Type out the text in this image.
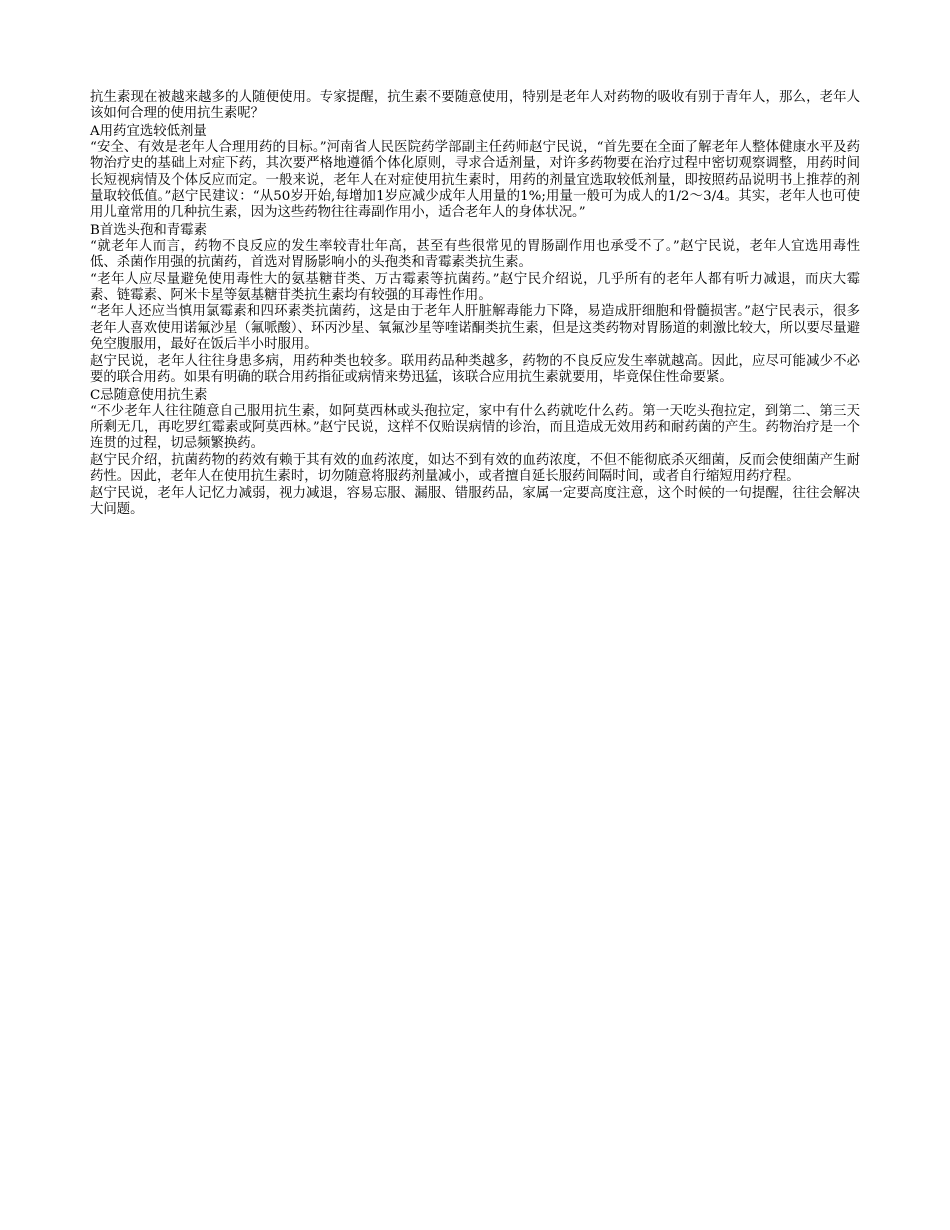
抗生素现在被越来越多的人随便使用。专家提醒，抗生素不要随意使用，特别是老年人对药物的吸收有别于青年人，那么，老年人该如何合理的使用抗生素呢？

A用药宜选较低剂量

“安全、有效是老年人合理用药的目标。”河南省人民医院药学部副主任药师赵宁民说，“首先要在全面了解老年人整体健康水平及药物治疗史的基础上对症下药，其次要严格地遵循个体化原则，寻求合适剂量，对许多药物要在治疗过程中密切观察调整，用药时间长短视病情及个体反应而定。一般来说，老年人在对症使用抗生素时，用药的剂量宜选取较低剂量，即按照药品说明书上推荐的剂量取较低值。”赵宁民建议：“从50岁开始,每增加1岁应减少成年人用量的1%;用量一般可为成人的1/2～3/4。其实，老年人也可使用儿童常用的几种抗生素，因为这些药物往往毒副作用小，适合老年人的身体状况。”

B首选头孢和青霉素

“就老年人而言，药物不良反应的发生率较青壮年高，甚至有些很常见的胃肠副作用也承受不了。”赵宁民说，老年人宜选用毒性低、杀菌作用强的抗菌药，首选对胃肠影响小的头孢类和青霉素类抗生素。

“老年人应尽量避免使用毒性大的氨基糖苷类、万古霉素等抗菌药。”赵宁民介绍说，几乎所有的老年人都有听力减退，而庆大霉素、链霉素、阿米卡星等氨基糖苷类抗生素均有较强的耳毒性作用。

“老年人还应当慎用氯霉素和四环素类抗菌药，这是由于老年人肝脏解毒能力下降，易造成肝细胞和骨髓损害。”赵宁民表示，很多老年人喜欢使用诺氟沙星（氟哌酸）、环丙沙星、氧氟沙星等喹诺酮类抗生素，但是这类药物对胃肠道的刺激比较大，所以要尽量避免空腹服用，最好在饭后半小时服用。

赵宁民说，老年人往往身患多病，用药种类也较多。联用药品种类越多，药物的不良反应发生率就越高。因此，应尽可能减少不必要的联合用药。如果有明确的联合用药指征或病情来势迅猛，该联合应用抗生素就要用，毕竟保住性命要紧。

C忌随意使用抗生素

“不少老年人往往随意自己服用抗生素，如阿莫西林或头孢拉定，家中有什么药就吃什么药。第一天吃头孢拉定，到第二、第三天所剩无几，再吃罗红霉素或阿莫西林。”赵宁民说，这样不仅贻误病情的诊治，而且造成无效用药和耐药菌的产生。药物治疗是一个连贯的过程，切忌频繁换药。

赵宁民介绍，抗菌药物的药效有赖于其有效的血药浓度，如达不到有效的血药浓度，不但不能彻底杀灭细菌，反而会使细菌产生耐药性。因此，老年人在使用抗生素时，切勿随意将服药剂量减小，或者擅自延长服药间隔时间，或者自行缩短用药疗程。

赵宁民说，老年人记忆力减弱，视力减退，容易忘服、漏服、错服药品，家属一定要高度注意，这个时候的一句提醒，往往会解决大问题。
